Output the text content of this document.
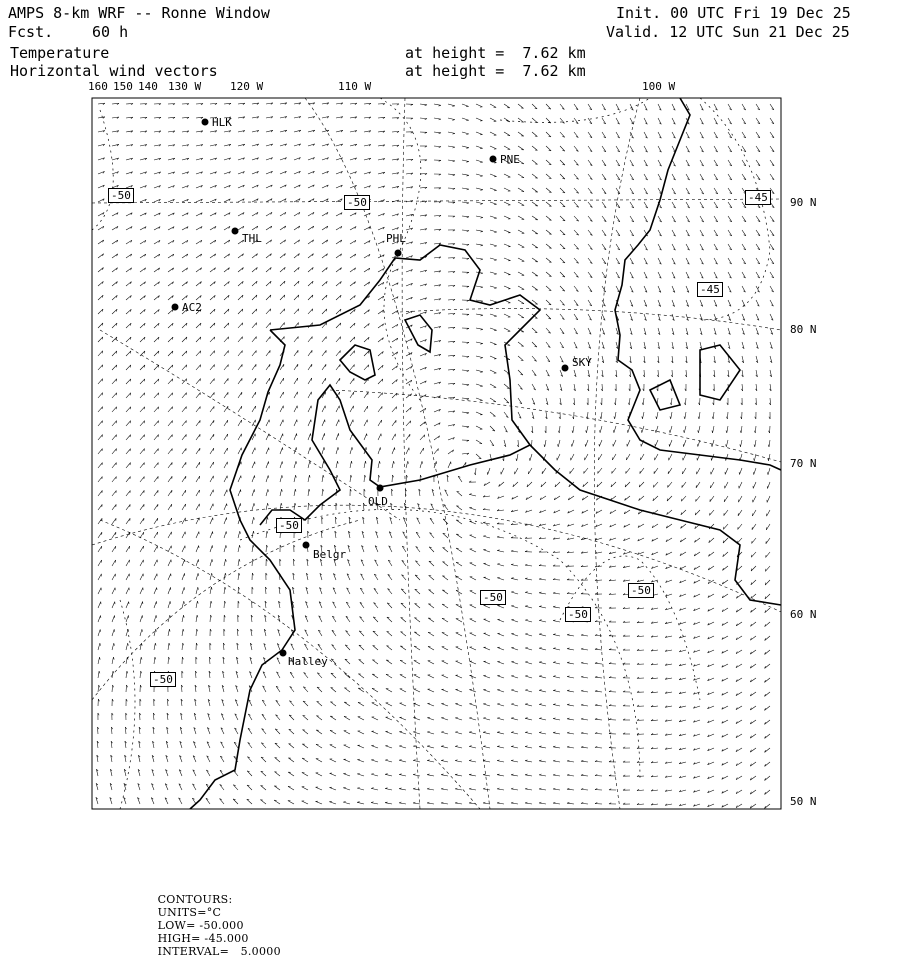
AMPS 8-km WRF -- Ronne Window
Fcst.	60 h
Init. 00 UTC Fri 19 Dec 25
Valid. 12 UTC Sun 21 Dec 25
Temperature
Horizontal wind vectors
at height =  7.62 km
at height =  7.62 km
160 150 140 130 W	120 W	110 W	100 W
90 N
80 N
70 N
60 N
50 N
HLK
PNE
THL	PHL
AC2
SKY
OLD
Belgr
Halley
-50
-50	-45
-45
-50
-50
-50
-50
-50

CONTOURS:
UNITS=°C
LOW= -50.000
HIGH= -45.000
INTERVAL=   5.0000
